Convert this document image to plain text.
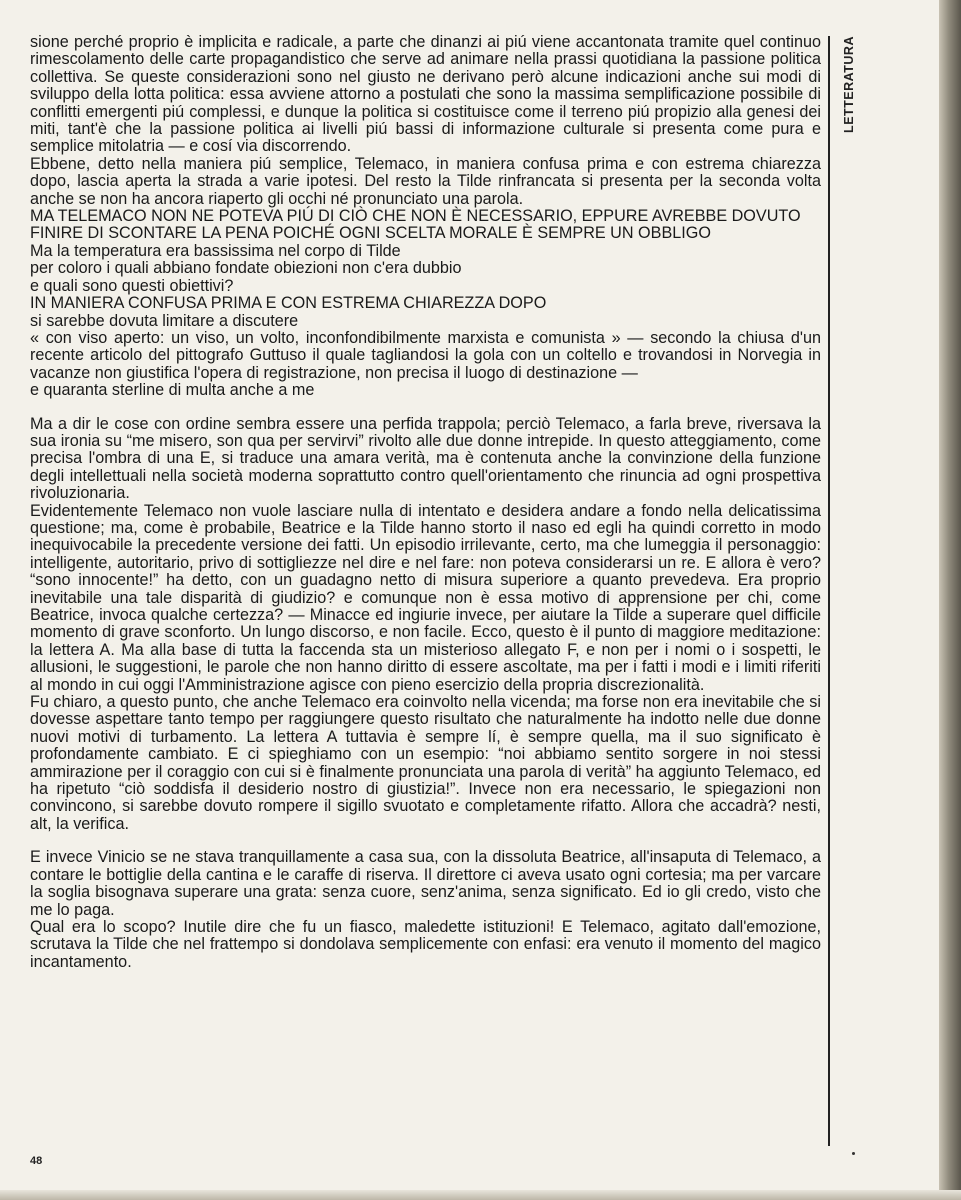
sione perché proprio è implicita e radicale, a parte che dinanzi ai piú viene accantonata tramite quel continuo rimescolamento delle carte propagandistico che serve ad animare nella prassi quotidiana la passione politica collettiva. Se queste considerazioni sono nel giusto ne derivano però alcune indicazioni anche sui modi di sviluppo della lotta politica: essa avviene attorno a postulati che sono la massima semplificazione possibile di conflitti emergenti piú complessi, e dunque la politica si costituisce come il terreno piú propizio alla genesi dei miti, tant'è che la passione politica ai livelli piú bassi di informazione culturale si presenta come pura e semplice mitolatria — e cosí via discorrendo.

Ebbene, detto nella maniera piú semplice, Telemaco, in maniera confusa prima e con estrema chiarezza dopo, lascia aperta la strada a varie ipotesi. Del resto la Tilde rinfrancata si presenta per la seconda volta anche se non ha ancora riaperto gli occhi né pronunciato una parola.

MA TELEMACO NON NE POTEVA PIÚ DI CIÒ CHE NON È NECESSARIO, EPPURE AVREBBE DOVUTO FINIRE DI SCONTARE LA PENA POICHÉ OGNI SCELTA MORALE È SEMPRE UN OBBLIGO

Ma la temperatura era bassissima nel corpo di Tilde

per coloro i quali abbiano fondate obiezioni non c'era dubbio

e quali sono questi obiettivi?

IN MANIERA CONFUSA PRIMA E CON ESTREMA CHIAREZZA DOPO

si sarebbe dovuta limitare a discutere

« con viso aperto: un viso, un volto, inconfondibilmente marxista e comunista » — secondo la chiusa d'un recente articolo del pittografo Guttuso il quale tagliandosi la gola con un coltello e trovandosi in Norvegia in vacanze non giustifica l'opera di registrazione, non precisa il luogo di destinazione —

e quaranta sterline di multa anche a me

Ma a dir le cose con ordine sembra essere una perfida trappola; perciò Telemaco, a farla breve, riversava la sua ironia su “me misero, son qua per servirvi” rivolto alle due donne intrepide. In questo atteggiamento, come precisa l'ombra di una E, si traduce una amara verità, ma è contenuta anche la convinzione della funzione degli intellettuali nella società moderna soprattutto contro quell'orientamento che rinuncia ad ogni prospettiva rivoluzionaria.

Evidentemente Telemaco non vuole lasciare nulla di intentato e desidera andare a fondo nella delicatissima questione; ma, come è probabile, Beatrice e la Tilde hanno storto il naso ed egli ha quindi corretto in modo inequivocabile la precedente versione dei fatti. Un episodio irrilevante, certo, ma che lumeggia il personaggio: intelligente, autoritario, privo di sottigliezze nel dire e nel fare: non poteva considerarsi un re. E allora è vero? “sono innocente!” ha detto, con un guadagno netto di misura superiore a quanto prevedeva. Era proprio inevitabile una tale disparità di giudizio? e comunque non è essa motivo di apprensione per chi, come Beatrice, invoca qualche certezza? — Minacce ed ingiurie invece, per aiutare la Tilde a superare quel difficile momento di grave sconforto. Un lungo discorso, e non facile. Ecco, questo è il punto di maggiore meditazione: la lettera A. Ma alla base di tutta la faccenda sta un misterioso allegato F, e non per i nomi o i sospetti, le allusioni, le suggestioni, le parole che non hanno diritto di essere ascoltate, ma per i fatti i modi e i limiti riferiti al mondo in cui oggi l'Amministrazione agisce con pieno esercizio della propria discrezionalità.

Fu chiaro, a questo punto, che anche Telemaco era coinvolto nella vicenda; ma forse non era inevitabile che si dovesse aspettare tanto tempo per raggiungere questo risultato che naturalmente ha indotto nelle due donne nuovi motivi di turbamento. La lettera A tuttavia è sempre lí, è sempre quella, ma il suo significato è profondamente cambiato. E ci spieghiamo con un esempio: “noi abbiamo sentito sorgere in noi stessi ammirazione per il coraggio con cui si è finalmente pronunciata una parola di verità” ha aggiunto Telemaco, ed ha ripetuto “ciò soddisfa il desiderio nostro di giustizia!”. Invece non era necessario, le spiegazioni non convincono, si sarebbe dovuto rompere il sigillo svuotato e completamente rifatto. Allora che accadrà? nesti, alt, la verifica.

E invece Vinicio se ne stava tranquillamente a casa sua, con la dissoluta Beatrice, all'insaputa di Telemaco, a contare le bottiglie della cantina e le caraffe di riserva. Il direttore ci aveva usato ogni cortesia; ma per varcare la soglia bisognava superare una grata: senza cuore, senz'anima, senza significato. Ed io gli credo, visto che me lo paga.

Qual era lo scopo? Inutile dire che fu un fiasco, maledette istituzioni! E Telemaco, agitato dall'emozione, scrutava la Tilde che nel frattempo si dondolava semplicemente con enfasi: era venuto il momento del magico incantamento.

LETTERATURA
48
